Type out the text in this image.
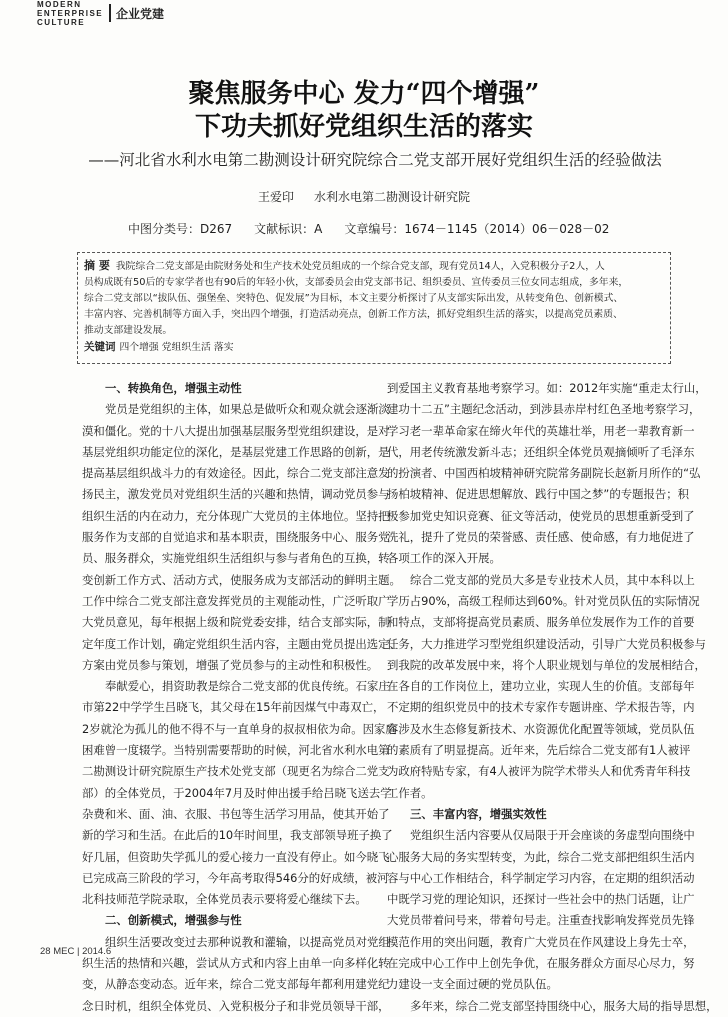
MODERN
ENTERPRISE
CULTURE
企业党建
聚焦服务中心 发力“四个增强”
下功夫抓好党组织生活的落实
——河北省水利水电第二勘测设计研究院综合二党支部开展好党组织生活的经验做法
王爱印 水利水电第二勘测设计研究院
中图分类号：D267 文献标识：A 文章编号：1674－1145（2014）06－028－02
摘 要 我院综合二党支部是由院财务处和生产技术处党员组成的一个综合党支部，现有党员14人，入党积极分子2人，人
员构成既有50后的专家学者也有90后的年轻小伙，支部委员会由党支部书记、组织委员、宣传委员三位女同志组成，多年来，
综合二党支部以“拔队伍、强堡垒、突特色、促发展”为目标，本文主要分析探讨了从支部实际出发，从转变角色、创新模式、
丰富内容、完善机制等方面入手，突出四个增强，打造活动亮点，创新工作方法，抓好党组织生活的落实，以提高党员素质、
推动支部建设发展。
关键词 四个增强 党组织生活 落实
一、转换角色，增强主动性
党员是党组织的主体，如果总是做听众和观众就会逐渐淡
漠和僵化。党的十八大提出加强基层服务型党组织建设，是对
基层党组织功能定位的深化，是基层党建工作思路的创新，是
提高基层组织战斗力的有效途径。因此，综合二党支部注意发
扬民主，激发党员对党组织生活的兴趣和热情，调动党员参与
组织生活的内在动力，充分体现广大党员的主体地位。坚持把
服务作为支部的自觉追求和基本职责，围绕服务中心、服务党
员、服务群众，实施党组织生活组织与参与者角色的互换，转
变创新工作方式、活动方式，使服务成为支部活动的鲜明主题。
工作中综合二党支部注意发挥党员的主观能动性，广泛听取广
大党员意见，每年根据上级和院党委安排，结合支部实际，制
定年度工作计划，确定党组织生活内容，主题由党员提出选定、
方案由党员参与策划，增强了党员参与的主动性和积极性。
奉献爱心，捐资助教是综合二党支部的优良传统。石家庄
市第22中学学生吕晓飞，其父母在15年前因煤气中毒双亡，
2岁就沦为孤儿的他不得不与一直单身的叔叔相依为命。因家庭
困难曾一度辍学。当特别需要帮助的时候，河北省水利水电第
二勘测设计研究院原生产技术处党支部（现更名为综合二党支
部）的全体党员，于2004年7月及时伸出援手给吕晓飞送去学
杂费和米、面、油、衣服、书包等生活学习用品，使其开始了
新的学习和生活。在此后的10年时间里，我支部领导班子换了
好几届，但资助失学孤儿的爱心接力一直没有停止。如今晓飞
已完成高三阶段的学习，今年高考取得546分的好成绩，被河
北科技师范学院录取，全体党员表示要将爱心继续下去。
二、创新模式，增强参与性
组织生活要改变过去那种说教和灌输，以提高党员对党组
织生活的热情和兴趣，尝试从方式和内容上由单一向多样化转
变，从静态变动态。近年来，综合二党支部每年都利用建党纪
念日时机，组织全体党员、入党积极分子和非党员领导干部，
到爱国主义教育基地考察学习。如：2012年实施“重走太行山，
建功十二五”主题纪念活动，到涉县赤岸村红色圣地考察学习，
学习老一辈革命家在缔火年代的英雄壮举，用老一辈教育新一
代，用老传统激发新斗志；还组织全体党员观摘倾听了毛泽东
的扮演者、中国西柏坡精神研究院常务副院长赵新月所作的“弘
扬柏坡精神、促进思想解放、践行中国之梦”的专题报告；积
极参加党史知识竞赛、征文等活动，使党员的思想重新受到了
洗礼，提升了党员的荣誉感、责任感、使命感，有力地促进了
各项工作的深入开展。
综合二党支部的党员大多是专业技术人员，其中本科以上
学历占90%，高级工程师达到60%。针对党员队伍的实际情况
和特点，支部将提高党员素质、服务单位发展作为工作的首要
任务，大力推进学习型党组织建设活动，引导广大党员积极参与
到我院的改革发展中来，将个人职业规划与单位的发展相结合，
在各自的工作岗位上，建功立业，实现人生的价值。支部每年
不定期的组织党员中的技术专家作专题讲座、学术报告等，内
容涉及水生态修复新技术、水资源优化配置等领域，党员队伍
的素质有了明显提高。近年来，先后综合二党支部有1人被评
为政府特贴专家，有4人被评为院学术带头人和优秀青年科技
工作者。
三、丰富内容，增强实效性
党组织生活内容要从仅局限于开会座谈的务虚型向围绕中
心服务大局的务实型转变，为此，综合二党支部把组织生活内
容与中心工作相结合，科学制定学习内容，在定期的组织活动
中既学习党的理论知识，还探讨一些社会中的热门话题，让广
大党员带着问号来，带着句号走。注重查找影响发挥党员先锋
模范作用的突出问题，教育广大党员在作风建设上身先士卒，
在完成中心工作中上创先争优，在服务群众方面尽心尽力，努
力建设一支全面过硬的党员队伍。
多年来，综合二党支部坚持围绕中心，服务大局的指导思想，
28 MEC | 2014.6
